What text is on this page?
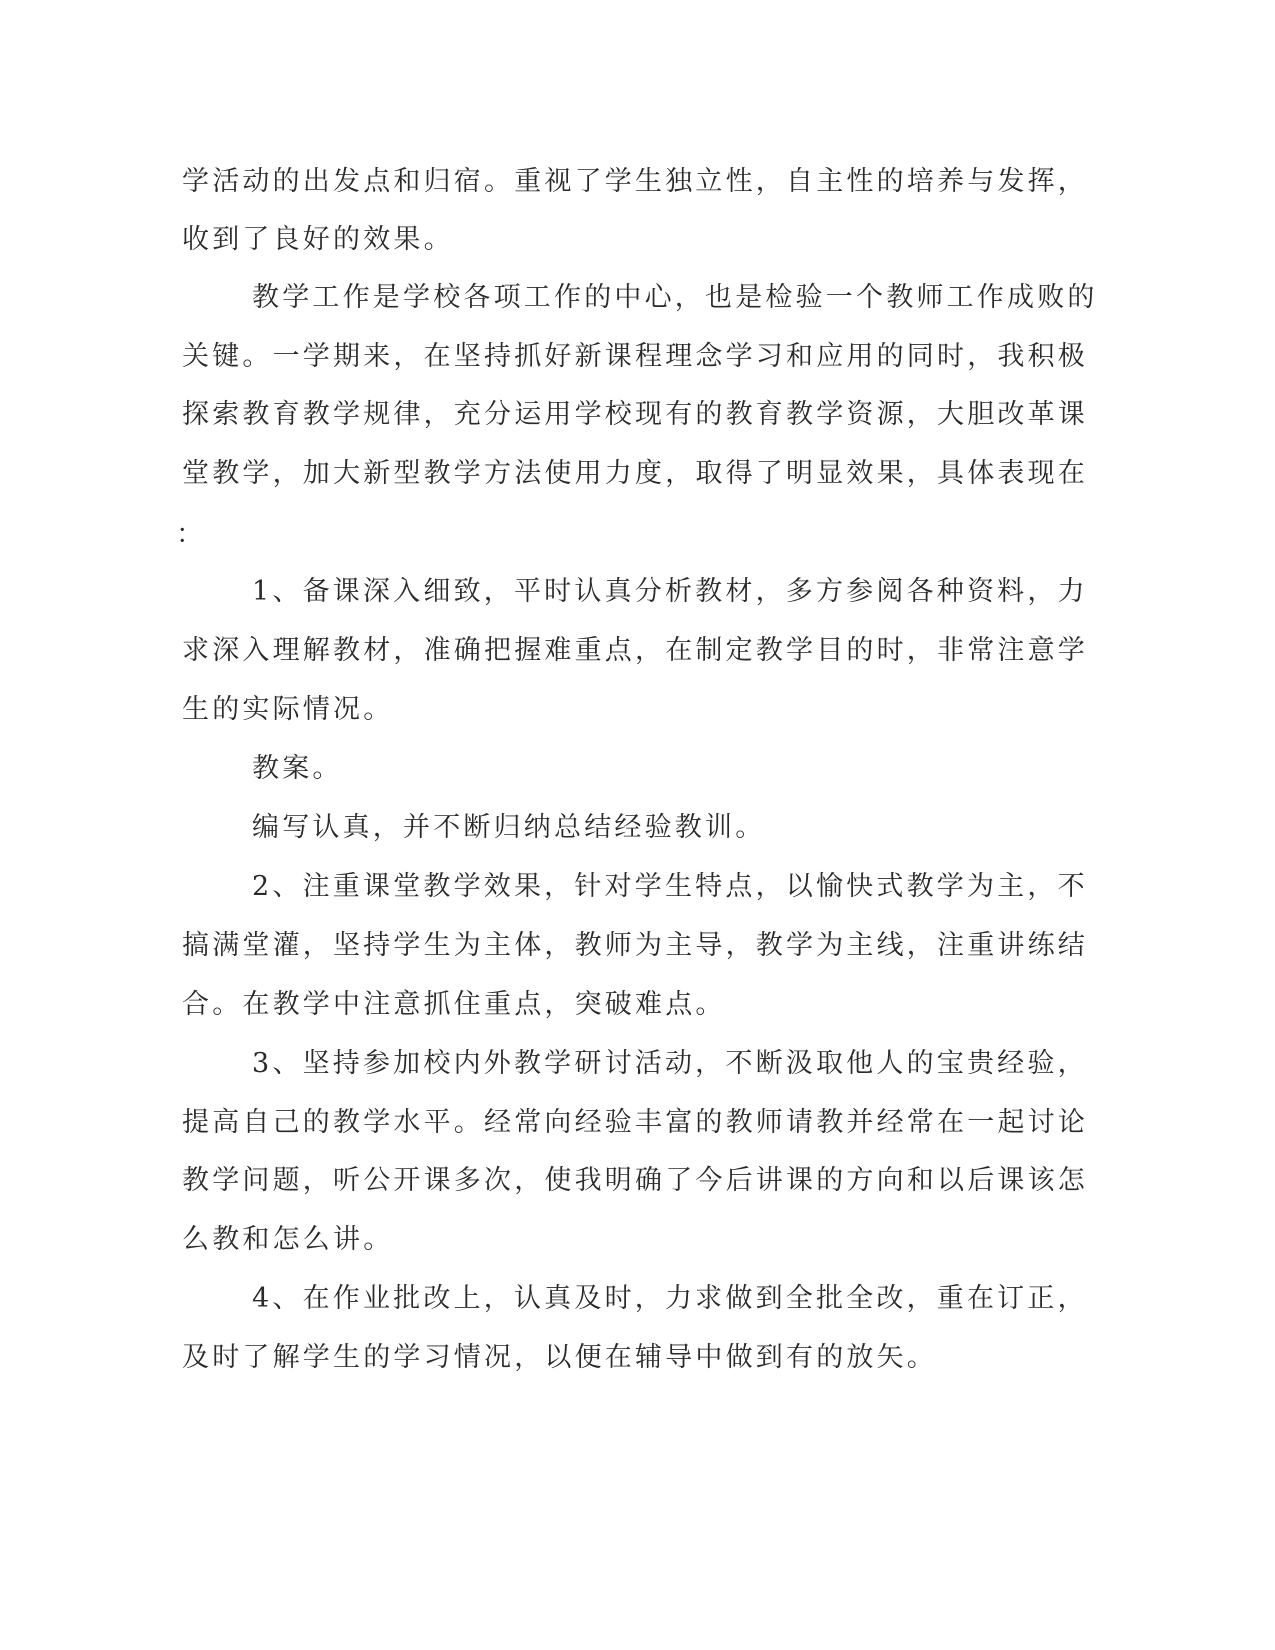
学活动的出发点和归宿。重视了学生独立性，自主性的培养与发挥，

收到了良好的效果。

教学工作是学校各项工作的中心，也是检验一个教师工作成败的

关键。一学期来，在坚持抓好新课程理念学习和应用的同时，我积极

探索教育教学规律，充分运用学校现有的教育教学资源，大胆改革课

堂教学，加大新型教学方法使用力度，取得了明显效果，具体表现在

：

1、备课深入细致，平时认真分析教材，多方参阅各种资料，力

求深入理解教材，准确把握难重点，在制定教学目的时，非常注意学

生的实际情况。

教案。

编写认真，并不断归纳总结经验教训。

2、注重课堂教学效果，针对学生特点，以愉快式教学为主，不

搞满堂灌，坚持学生为主体，教师为主导，教学为主线，注重讲练结

合。在教学中注意抓住重点，突破难点。

3、坚持参加校内外教学研讨活动，不断汲取他人的宝贵经验，

提高自己的教学水平。经常向经验丰富的教师请教并经常在一起讨论

教学问题，听公开课多次，使我明确了今后讲课的方向和以后课该怎

么教和怎么讲。

4、在作业批改上，认真及时，力求做到全批全改，重在订正，

及时了解学生的学习情况，以便在辅导中做到有的放矢。
